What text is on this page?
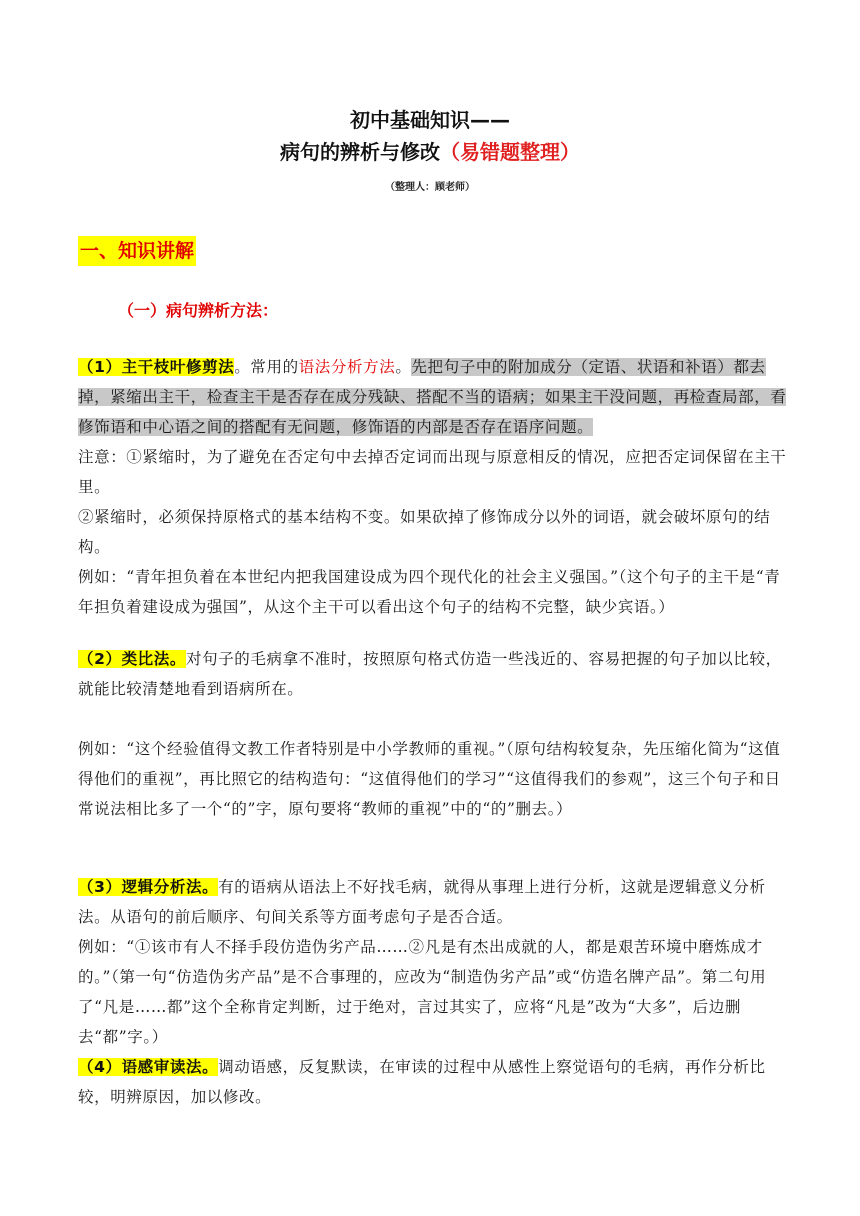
初中基础知识——
病句的辨析与修改（易错题整理）
（整理人：顾老师）
一、知识讲解
（一）病句辨析方法：

（1）主干枝叶修剪法。常用的语法分析方法。先把句子中的附加成分（定语、状语和补语）都去掉，紧缩出主干，检查主干是否存在成分残缺、搭配不当的语病；如果主干没问题，再检查局部，看修饰语和中心语之间的搭配有无问题，修饰语的内部是否存在语序问题。

注意：①紧缩时，为了避免在否定句中去掉否定词而出现与原意相反的情况，应把否定词保留在主干里。

②紧缩时，必须保持原格式的基本结构不变。如果砍掉了修饰成分以外的词语，就会破坏原句的结构。

例如：“青年担负着在本世纪内把我国建设成为四个现代化的社会主义强国。”（这个句子的主干是“青年担负着建设成为强国”，从这个主干可以看出这个句子的结构不完整，缺少宾语。）

（2）类比法。对句子的毛病拿不准时，按照原句格式仿造一些浅近的、容易把握的句子加以比较，就能比较清楚地看到语病所在。

例如：“这个经验值得文教工作者特别是中小学教师的重视。”（原句结构较复杂，先压缩化简为“这值得他们的重视”，再比照它的结构造句：“这值得他们的学习”“这值得我们的参观”，这三个句子和日常说法相比多了一个“的”字，原句要将“教师的重视”中的“的”删去。）

（3）逻辑分析法。有的语病从语法上不好找毛病，就得从事理上进行分析，这就是逻辑意义分析法。从语句的前后顺序、句间关系等方面考虑句子是否合适。

例如：“①该市有人不择手段仿造伪劣产品……②凡是有杰出成就的人，都是艰苦环境中磨炼成才的。”（第一句“仿造伪劣产品”是不合事理的，应改为“制造伪劣产品”或“仿造名牌产品”。第二句用了“凡是……都”这个全称肯定判断，过于绝对，言过其实了，应将“凡是”改为“大多”，后边删去“都”字。）

（4）语感审读法。调动语感，反复默读，在审读的过程中从感性上察觉语句的毛病，再作分析比较，明辨原因，加以修改。
